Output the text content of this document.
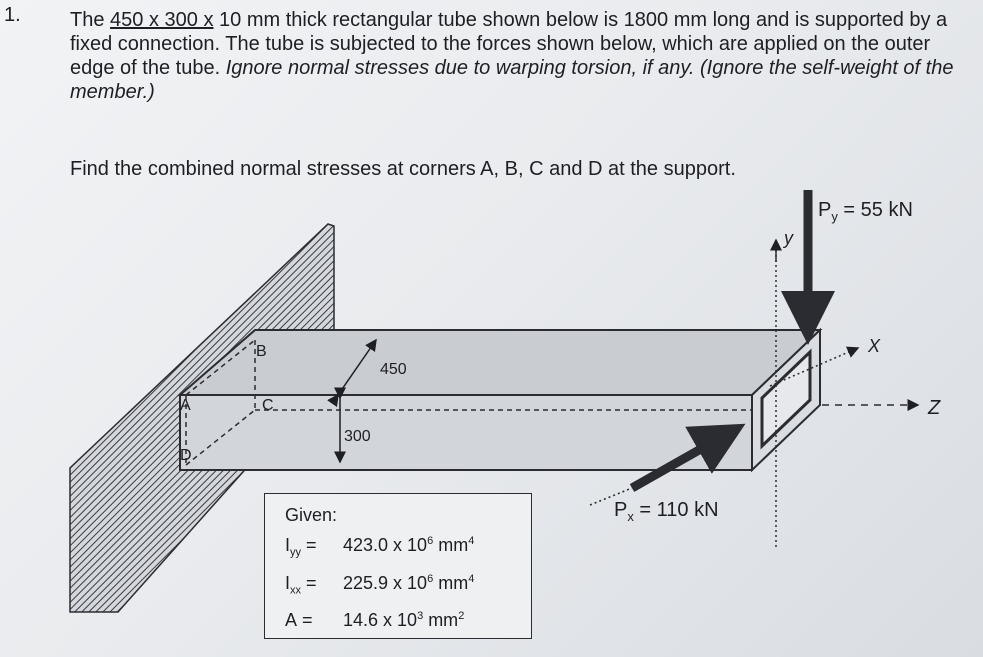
1. The 450 x 300 x 10 mm thick rectangular tube shown below is 1800 mm long and is supported by a fixed connection. The tube is subjected to the forces shown below, which are applied on the outer edge of the tube. Ignore normal stresses due to warping torsion, if any. (Ignore the self-weight of the member.)

Find the combined normal stresses at corners A, B, C and D at the support.

A
B
C
D
450
300
y
X
Z
$P_y = 55$ kN
$P_x = 110$ kN
Given:
$I_{yy} = 423.0$ x $10^6$ $mm^4$
$I_{xx} = 225.9$ x $10^6$ $mm^4$
A = 14.6 x $10^3$ $mm^2$
